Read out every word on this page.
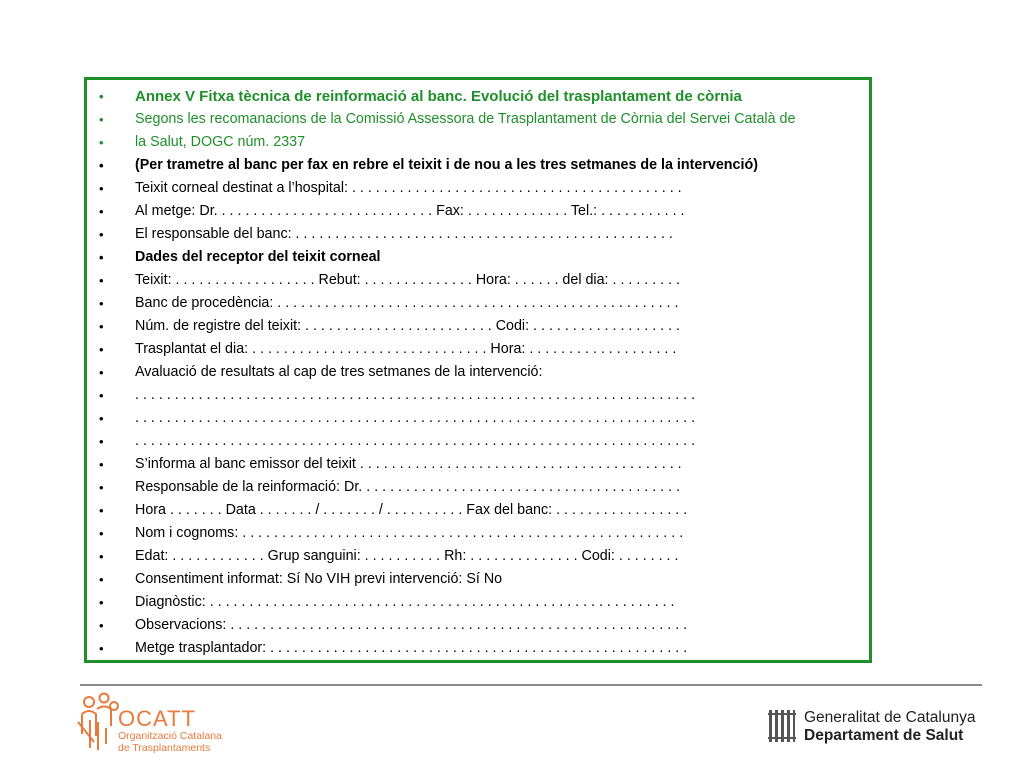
• Annex V Fitxa tècnica de reinformació al banc. Evolució del trasplantament de còrnia
• Segons les recomanacions de la Comissió Assessora de Trasplantament de Còrnia del Servei Català de
• la Salut, DOGC núm. 2337
• (Per trametre al banc per fax en rebre el teixit i de nou a les tres setmanes de la intervenció)
• Teixit corneal destinat a l’hospital: . . . . . . . . . . . . . . . . . . . . . . . . . . . . . . . . . . . . . . . . . .
• Al metge: Dr. . . . . . . . . . . . . . . . . . . . . . . . . . . . Fax: . . . . . . . . . . . . . Tel.: . . . . . . . . . . .
• El responsable del banc: . . . . . . . . . . . . . . . . . . . . . . . . . . . . . . . . . . . . . . . . . . . . . . . .
• Dades del receptor del teixit corneal
• Teixit: . . . . . . . . . . . . . . . . . . Rebut: . . . . . . . . . . . . . . Hora: . . . . . . del dia: . . . . . . . . .
• Banc de procedència: . . . . . . . . . . . . . . . . . . . . . . . . . . . . . . . . . . . . . . . . . . . . . . . . . . .
• Núm. de registre del teixit: . . . . . . . . . . . . . . . . . . . . . . . . Codi: . . . . . . . . . . . . . . . . . . .
• Trasplantat el dia: . . . . . . . . . . . . . . . . . . . . . . . . . . . . . . Hora: . . . . . . . . . . . . . . . . . . .
• Avaluació de resultats al cap de tres setmanes de la intervenció:
• . . . . . . . . . . . . . . . . . . . . . . . . . . . . . . . . . . . . . . . . . . . . . . . . . . . . . . . . . . . . . . . . . . . . . . .
• . . . . . . . . . . . . . . . . . . . . . . . . . . . . . . . . . . . . . . . . . . . . . . . . . . . . . . . . . . . . . . . . . . . . . . .
• . . . . . . . . . . . . . . . . . . . . . . . . . . . . . . . . . . . . . . . . . . . . . . . . . . . . . . . . . . . . . . . . . . . . . . .
• S’informa al banc emissor del teixit . . . . . . . . . . . . . . . . . . . . . . . . . . . . . . . . . . . . . . . . .
• Responsable de la reinformació: Dr. . . . . . . . . . . . . . . . . . . . . . . . . . . . . . . . . . . . . . . . .
• Hora . . . . . . . Data . . . . . . . / . . . . . . . / . . . . . . . . . . Fax del banc: . . . . . . . . . . . . . . . . .
• Nom i cognoms: . . . . . . . . . . . . . . . . . . . . . . . . . . . . . . . . . . . . . . . . . . . . . . . . . . . . . . . .
• Edat: . . . . . . . . . . . . Grup sanguini: . . . . . . . . . . Rh: . . . . . . . . . . . . . . Codi: . . . . . . . .
• Consentiment informat: Sí No VIH previ intervenció: Sí No
• Diagnòstic: . . . . . . . . . . . . . . . . . . . . . . . . . . . . . . . . . . . . . . . . . . . . . . . . . . . . . . . . . . .
• Observacions: . . . . . . . . . . . . . . . . . . . . . . . . . . . . . . . . . . . . . . . . . . . . . . . . . . . . . . . . . .
• Metge trasplantador: . . . . . . . . . . . . . . . . . . . . . . . . . . . . . . . . . . . . . . . . . . . . . . . . . . . . .
OCATT
Organització Catalana
de Trasplantaments
Generalitat de Catalunya
Departament de Salut
